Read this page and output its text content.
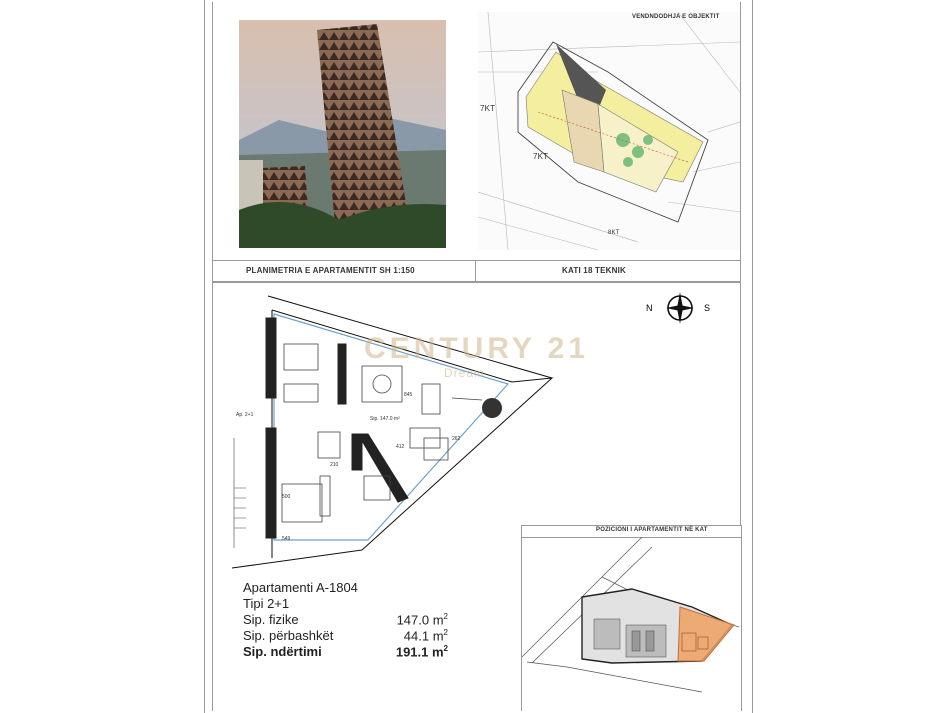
PLANIMETRIA E APARTAMENTIT SH 1:150	KATI 18 TEKNIK
VENDNDODHJA E OBJEKTIT
7KT
7KT
8KT
CENTURY 21
Dream
Ap. 2+1
Sip. 147.0 m²
845
549
500
262
412
210
N	S
Apartamenti A-1804
Tipi 2+1
Sip. fizike	147.0 $m^2$
Sip. përbashkët	44.1 $m^2$
Sip. ndërtimi	191.1 $m^2$
POZICIONI I APARTAMENTIT NË KAT
